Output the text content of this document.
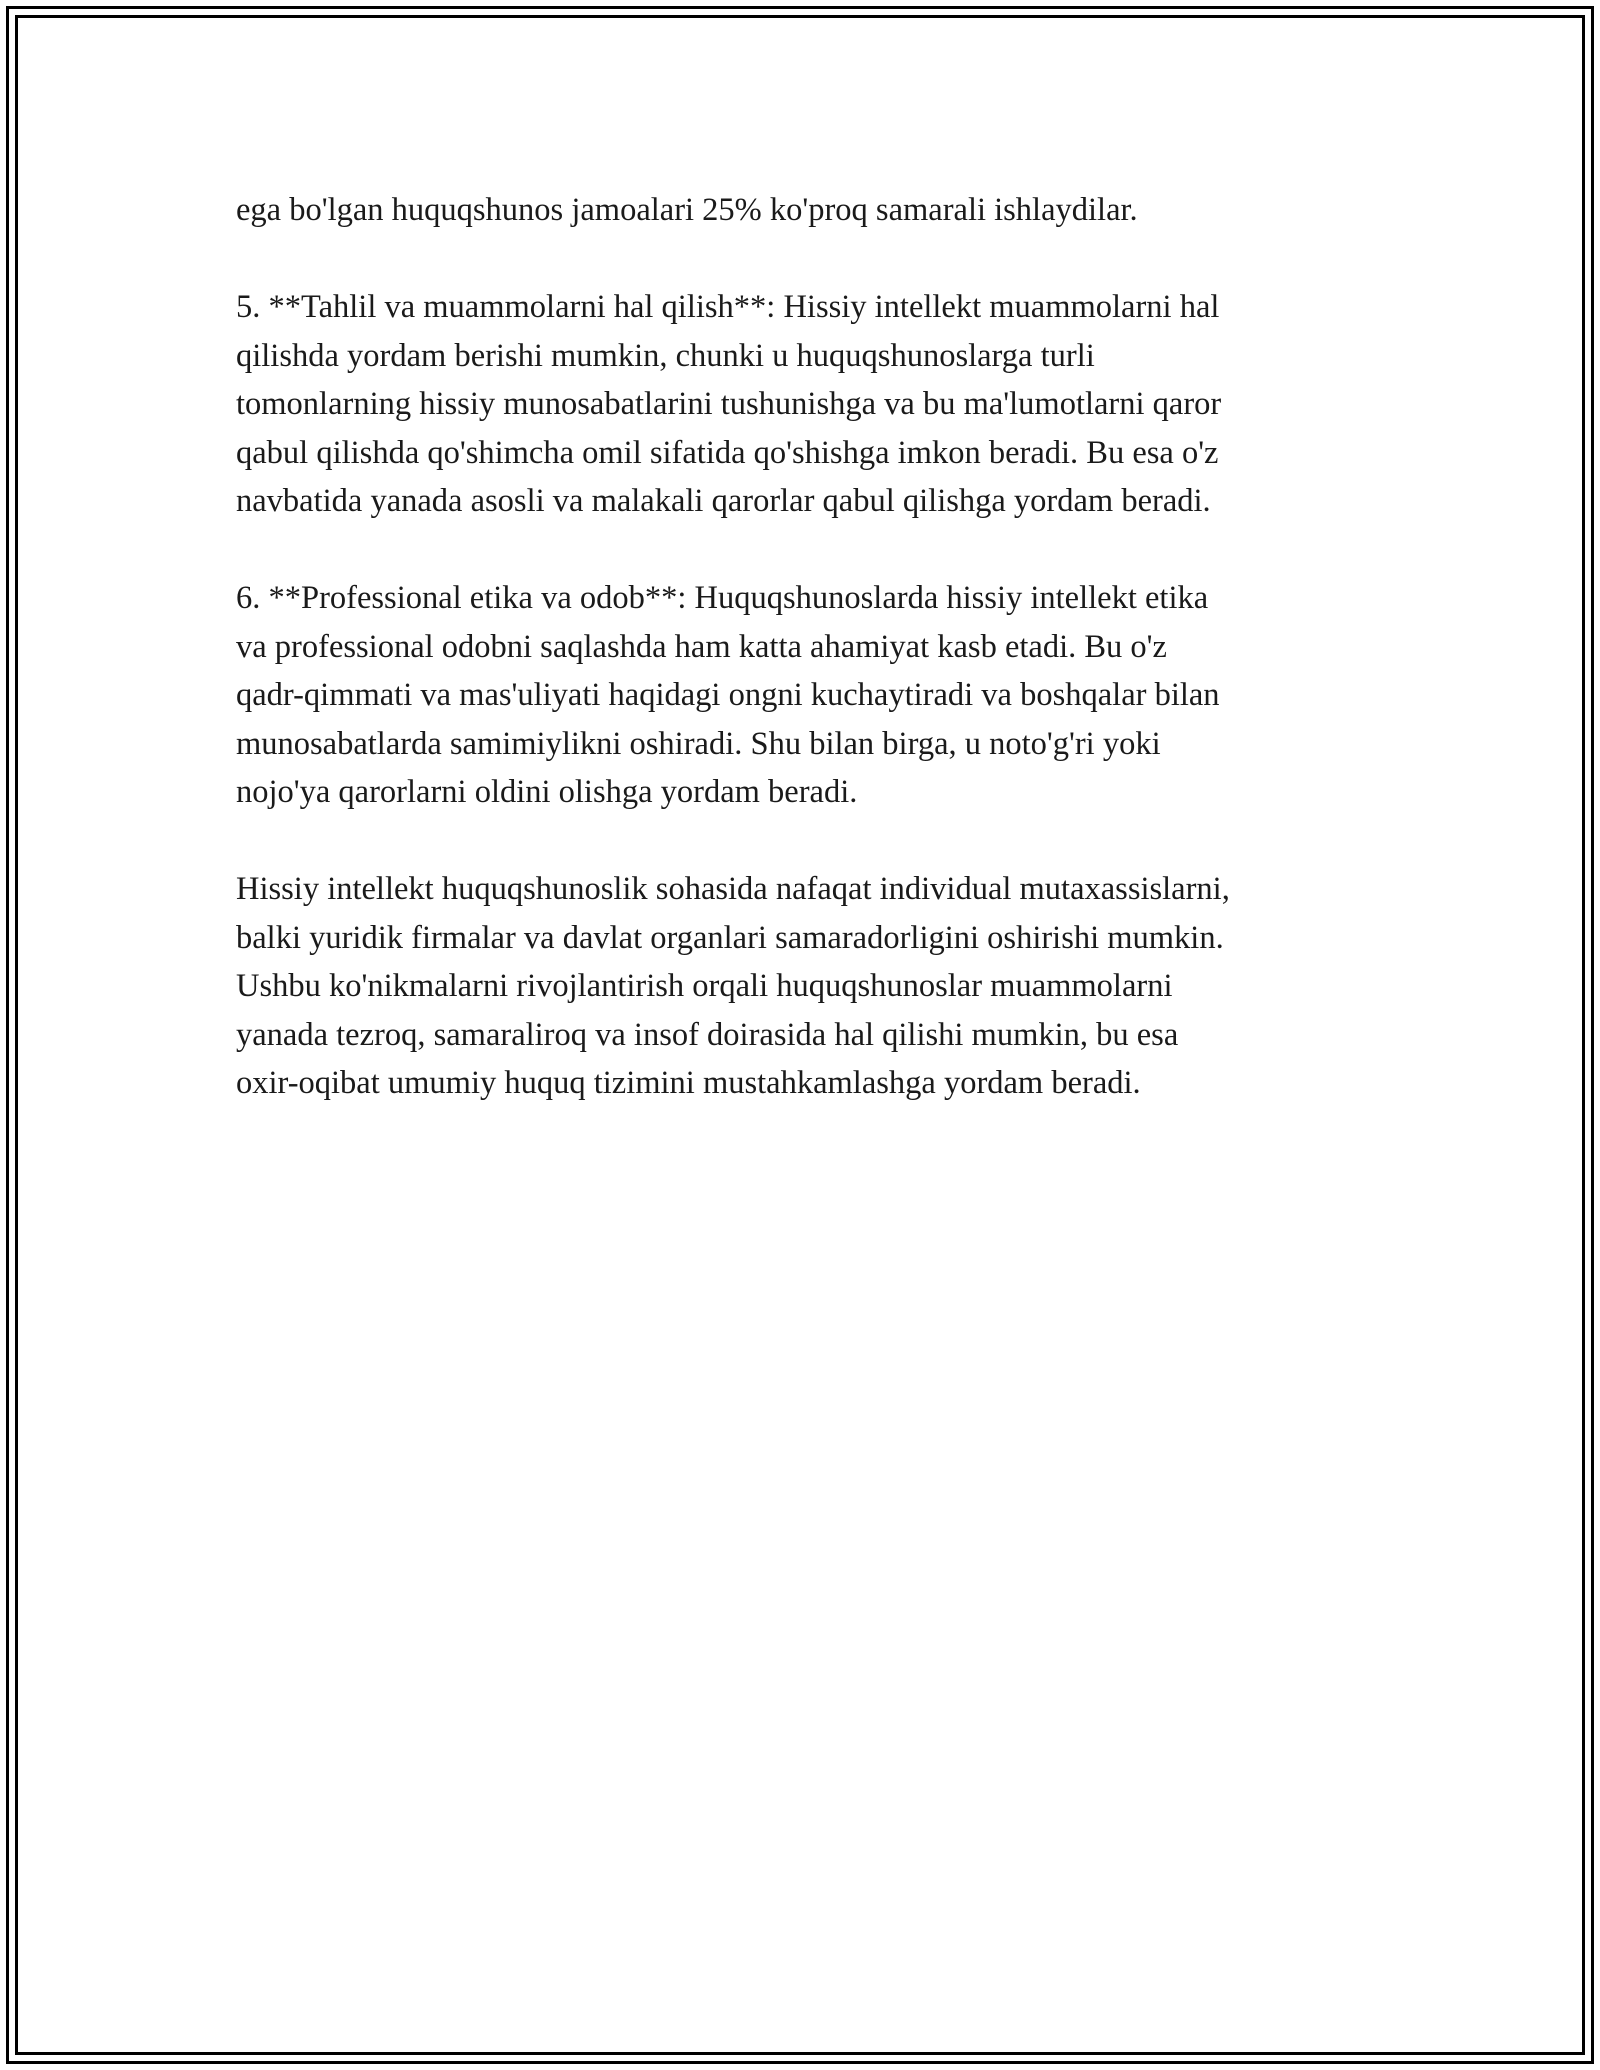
ega bo'lgan huquqshunos jamoalari 25% ko'proq samarali ishlaydilar.

5. **Tahlil va muammolarni hal qilish**: Hissiy intellekt muammolarni hal
qilishda yordam berishi mumkin, chunki u huquqshunoslarga turli
tomonlarning hissiy munosabatlarini tushunishga va bu ma'lumotlarni qaror
qabul qilishda qo'shimcha omil sifatida qo'shishga imkon beradi. Bu esa o'z
navbatida yanada asosli va malakali qarorlar qabul qilishga yordam beradi.

6. **Professional etika va odob**: Huquqshunoslarda hissiy intellekt etika
va professional odobni saqlashda ham katta ahamiyat kasb etadi. Bu o'z
qadr-qimmati va mas'uliyati haqidagi ongni kuchaytiradi va boshqalar bilan
munosabatlarda samimiylikni oshiradi. Shu bilan birga, u noto'g'ri yoki
nojo'ya qarorlarni oldini olishga yordam beradi.

Hissiy intellekt huquqshunoslik sohasida nafaqat individual mutaxassislarni,
balki yuridik firmalar va davlat organlari samaradorligini oshirishi mumkin.
Ushbu ko'nikmalarni rivojlantirish orqali huquqshunoslar muammolarni
yanada tezroq, samaraliroq va insof doirasida hal qilishi mumkin, bu esa
oxir-oqibat umumiy huquq tizimini mustahkamlashga yordam beradi.
